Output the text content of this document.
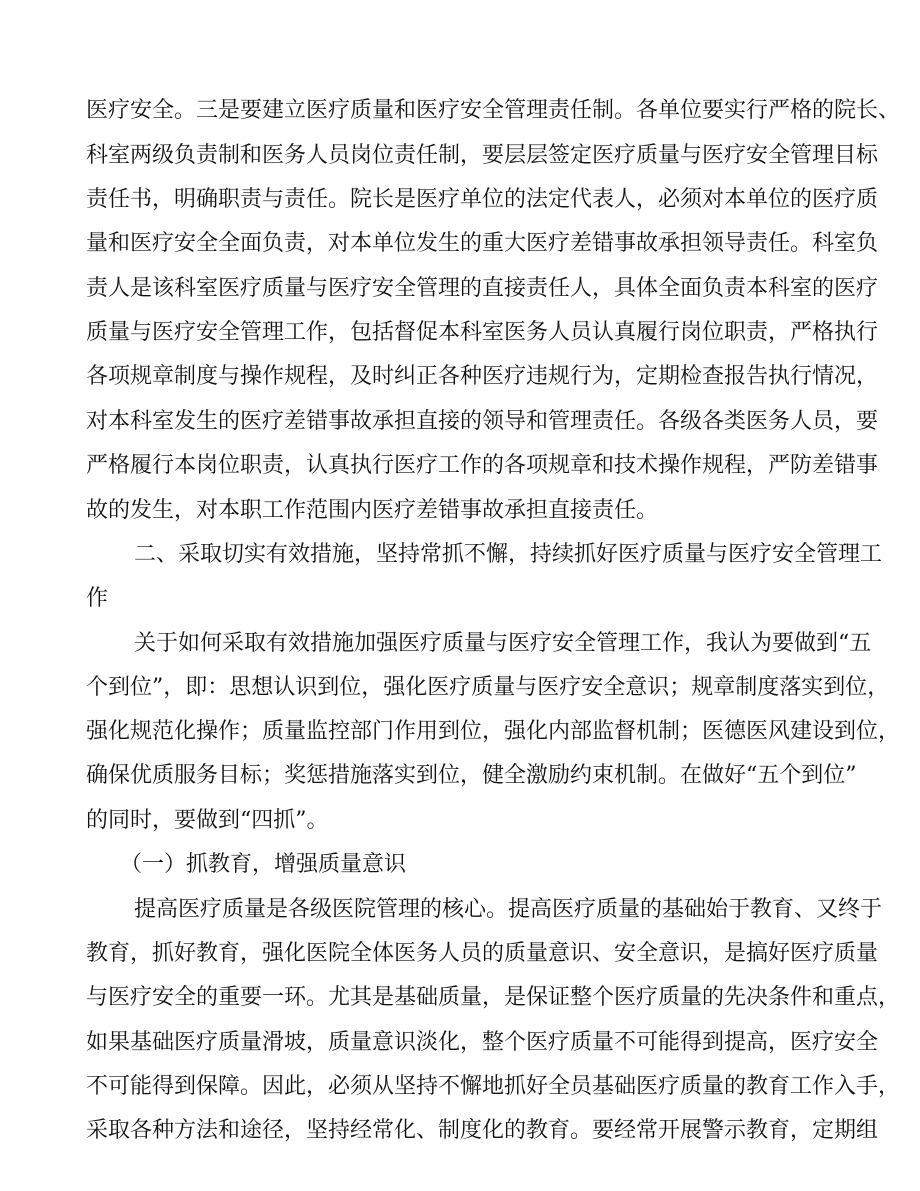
医疗安全。三是要建立医疗质量和医疗安全管理责任制。各单位要实行严格的院长、
科室两级负责制和医务人员岗位责任制，要层层签定医疗质量与医疗安全管理目标
责任书，明确职责与责任。院长是医疗单位的法定代表人，必须对本单位的医疗质
量和医疗安全全面负责，对本单位发生的重大医疗差错事故承担领导责任。科室负
责人是该科室医疗质量与医疗安全管理的直接责任人，具体全面负责本科室的医疗
质量与医疗安全管理工作，包括督促本科室医务人员认真履行岗位职责，严格执行
各项规章制度与操作规程，及时纠正各种医疗违规行为，定期检查报告执行情况，
对本科室发生的医疗差错事故承担直接的领导和管理责任。各级各类医务人员，要
严格履行本岗位职责，认真执行医疗工作的各项规章和技术操作规程，严防差错事
故的发生，对本职工作范围内医疗差错事故承担直接责任。
二、采取切实有效措施，坚持常抓不懈，持续抓好医疗质量与医疗安全管理工
作
关于如何采取有效措施加强医疗质量与医疗安全管理工作，我认为要做到“五
个到位”，即：思想认识到位，强化医疗质量与医疗安全意识；规章制度落实到位，
强化规范化操作；质量监控部门作用到位，强化内部监督机制；医德医风建设到位，
确保优质服务目标；奖惩措施落实到位，健全激励约束机制。在做好“五个到位”
的同时，要做到“四抓”。
（一）抓教育，增强质量意识
提高医疗质量是各级医院管理的核心。提高医疗质量的基础始于教育、又终于
教育，抓好教育，强化医院全体医务人员的质量意识、安全意识，是搞好医疗质量
与医疗安全的重要一环。尤其是基础质量，是保证整个医疗质量的先决条件和重点，
如果基础医疗质量滑坡，质量意识淡化，整个医疗质量不可能得到提高，医疗安全
不可能得到保障。因此，必须从坚持不懈地抓好全员基础医疗质量的教育工作入手，
采取各种方法和途径，坚持经常化、制度化的教育。要经常开展警示教育，定期组
